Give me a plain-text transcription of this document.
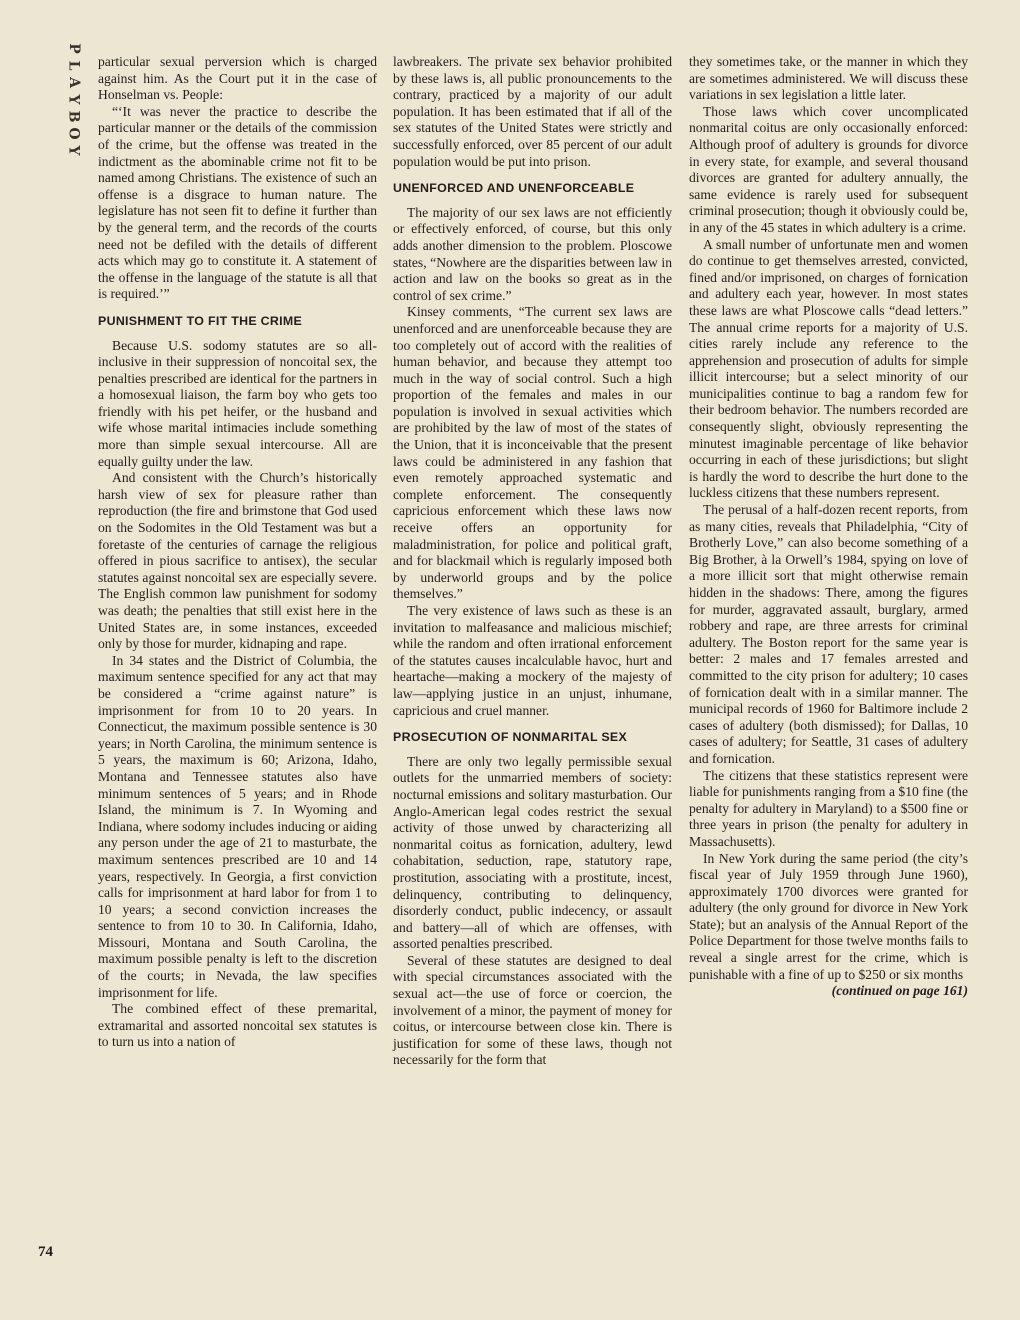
P
L
A
Y
B
O
Y

particular sexual perversion which is charged against him. As the Court put it in the case of Honselman vs. People:

“‘It was never the practice to describe the particular manner or the details of the commission of the crime, but the offense was treated in the indictment as the abominable crime not fit to be named among Christians. The existence of such an offense is a disgrace to human nature. The legislature has not seen fit to define it further than by the general term, and the records of the courts need not be defiled with the details of different acts which may go to constitute it. A statement of the offense in the language of the statute is all that is required.’”

PUNISHMENT TO FIT THE CRIME

Because U.S. sodomy statutes are so all-inclusive in their suppression of noncoital sex, the penalties prescribed are identical for the partners in a homosexual liaison, the farm boy who gets too friendly with his pet heifer, or the husband and wife whose marital intimacies include something more than simple sexual intercourse. All are equally guilty under the law.

And consistent with the Church’s historically harsh view of sex for pleasure rather than reproduction (the fire and brimstone that God used on the Sodomites in the Old Testament was but a foretaste of the centuries of carnage the religious offered in pious sacrifice to antisex), the secular statutes against noncoital sex are especially severe. The English common law punishment for sodomy was death; the penalties that still exist here in the United States are, in some instances, exceeded only by those for murder, kidnaping and rape.

In 34 states and the District of Columbia, the maximum sentence specified for any act that may be considered a “crime against nature” is imprisonment for from 10 to 20 years. In Connecticut, the maximum possible sentence is 30 years; in North Carolina, the minimum sentence is 5 years, the maximum is 60; Arizona, Idaho, Montana and Tennessee statutes also have minimum sentences of 5 years; and in Rhode Island, the minimum is 7. In Wyoming and Indiana, where sodomy includes inducing or aiding any person under the age of 21 to masturbate, the maximum sentences prescribed are 10 and 14 years, respectively. In Georgia, a first conviction calls for imprisonment at hard labor for from 1 to 10 years; a second conviction increases the sentence to from 10 to 30. In California, Idaho, Missouri, Montana and South Carolina, the maximum possible penalty is left to the discretion of the courts; in Nevada, the law specifies imprisonment for life.

The combined effect of these premarital, extramarital and assorted noncoital sex statutes is to turn us into a nation of

lawbreakers. The private sex behavior prohibited by these laws is, all public pronouncements to the contrary, practiced by a majority of our adult population. It has been estimated that if all of the sex statutes of the United States were strictly and successfully enforced, over 85 percent of our adult population would be put into prison.

UNENFORCED AND UNENFORCEABLE

The majority of our sex laws are not efficiently or effectively enforced, of course, but this only adds another dimension to the problem. Ploscowe states, “Nowhere are the disparities between law in action and law on the books so great as in the control of sex crime.”

Kinsey comments, “The current sex laws are unenforced and are unenforceable because they are too completely out of accord with the realities of human behavior, and because they attempt too much in the way of social control. Such a high proportion of the females and males in our population is involved in sexual activities which are prohibited by the law of most of the states of the Union, that it is inconceivable that the present laws could be administered in any fashion that even remotely approached systematic and complete enforcement. The consequently capricious enforcement which these laws now receive offers an opportunity for maladministration, for police and political graft, and for blackmail which is regularly imposed both by underworld groups and by the police themselves.”

The very existence of laws such as these is an invitation to malfeasance and malicious mischief; while the random and often irrational enforcement of the statutes causes incalculable havoc, hurt and heartache—making a mockery of the majesty of law—applying justice in an unjust, inhumane, capricious and cruel manner.

PROSECUTION OF NONMARITAL SEX

There are only two legally permissible sexual outlets for the unmarried members of society: nocturnal emissions and solitary masturbation. Our Anglo-American legal codes restrict the sexual activity of those unwed by characterizing all nonmarital coitus as fornication, adultery, lewd cohabitation, seduction, rape, statutory rape, prostitution, associating with a prostitute, incest, delinquency, contributing to delinquency, disorderly conduct, public indecency, or assault and battery—all of which are offenses, with assorted penalties prescribed.

Several of these statutes are designed to deal with special circumstances associated with the sexual act—the use of force or coercion, the involvement of a minor, the payment of money for coitus, or intercourse between close kin. There is justification for some of these laws, though not necessarily for the form that

they sometimes take, or the manner in which they are sometimes administered. We will discuss these variations in sex legislation a little later.

Those laws which cover uncomplicated nonmarital coitus are only occasionally enforced: Although proof of adultery is grounds for divorce in every state, for example, and several thousand divorces are granted for adultery annually, the same evidence is rarely used for subsequent criminal prosecution; though it obviously could be, in any of the 45 states in which adultery is a crime.

A small number of unfortunate men and women do continue to get themselves arrested, convicted, fined and/or imprisoned, on charges of fornication and adultery each year, however. In most states these laws are what Ploscowe calls “dead letters.” The annual crime reports for a majority of U.S. cities rarely include any reference to the apprehension and prosecution of adults for simple illicit intercourse; but a select minority of our municipalities continue to bag a random few for their bedroom behavior. The numbers recorded are consequently slight, obviously representing the minutest imaginable percentage of like behavior occurring in each of these jurisdictions; but slight is hardly the word to describe the hurt done to the luckless citizens that these numbers represent.

The perusal of a half-dozen recent reports, from as many cities, reveals that Philadelphia, “City of Brotherly Love,” can also become something of a Big Brother, à la Orwell’s 1984, spying on love of a more illicit sort that might otherwise remain hidden in the shadows: There, among the figures for murder, aggravated assault, burglary, armed robbery and rape, are three arrests for criminal adultery. The Boston report for the same year is better: 2 males and 17 females arrested and committed to the city prison for adultery; 10 cases of fornication dealt with in a similar manner. The municipal records of 1960 for Baltimore include 2 cases of adultery (both dismissed); for Dallas, 10 cases of adultery; for Seattle, 31 cases of adultery and fornication.

The citizens that these statistics represent were liable for punishments ranging from a $10 fine (the penalty for adultery in Maryland) to a $500 fine or three years in prison (the penalty for adultery in Massachusetts).

In New York during the same period (the city’s fiscal year of July 1959 through June 1960), approximately 1700 divorces were granted for adultery (the only ground for divorce in New York State); but an analysis of the Annual Report of the Police Department for those twelve months fails to reveal a single arrest for the crime, which is punishable with a fine of up to $250 or six months

(continued on page 161)

74
